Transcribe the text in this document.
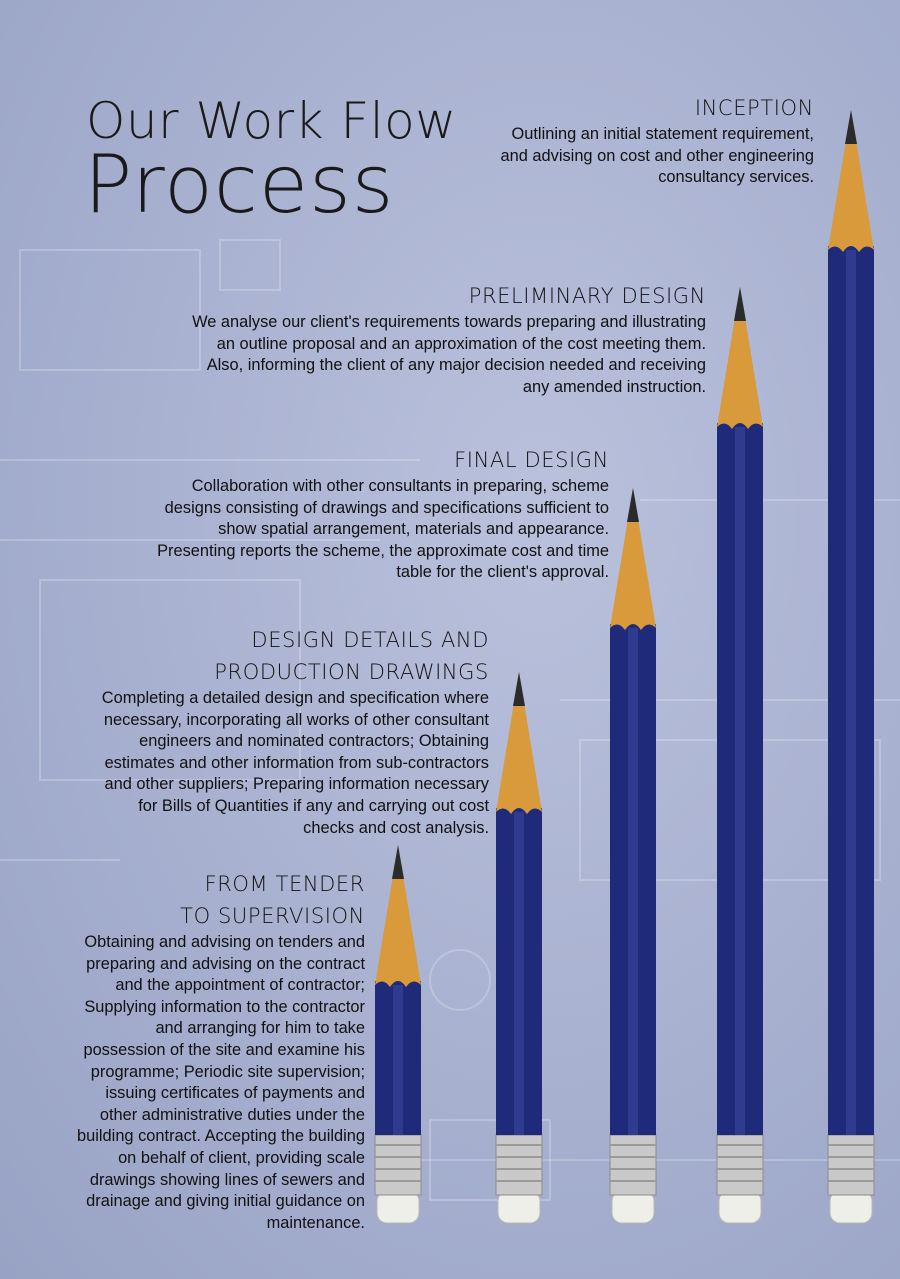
Our Work Flow
Process
INCEPTION
Outlining an initial statement requirement, and advising on cost and other engineering consultancy services.
PRELIMINARY DESIGN
We analyse our client's requirements towards preparing and illustrating an outline proposal and an approximation of the cost meeting them. Also, informing the client of any major decision needed and receiving any amended instruction.
FINAL DESIGN
Collaboration with other consultants in preparing, scheme designs consisting of drawings and specifications sufficient to show spatial arrangement, materials and appearance. Presenting reports the scheme, the approximate cost and time table for the client's approval.
DESIGN DETAILS AND
PRODUCTION DRAWINGS
Completing a detailed design and specification where necessary, incorporating all works of other consultant engineers and nominated contractors; Obtaining estimates and other information from sub-contractors and other suppliers; Preparing information necessary for Bills of Quantities if any and carrying out cost checks and cost analysis.
FROM TENDER
TO SUPERVISION
Obtaining and advising on tenders and preparing and advising on the contract and the appointment of contractor; Supplying information to the contractor and arranging for him to take possession of the site and examine his programme; Periodic site supervision; issuing certificates of payments and other administrative duties under the building contract. Accepting the building on behalf of client, providing scale drawings showing lines of sewers and drainage and giving initial guidance on maintenance.
